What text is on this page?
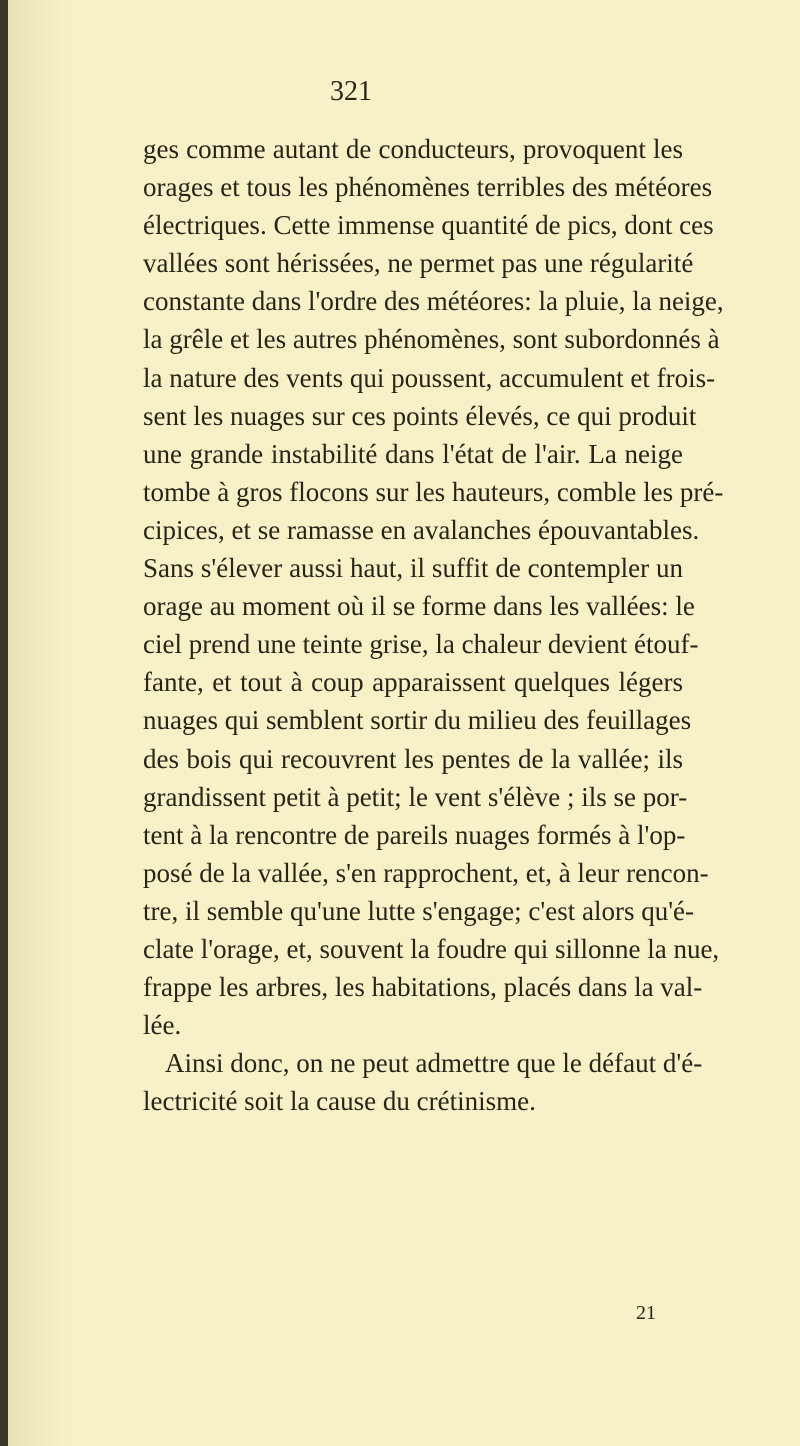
321
ges comme autant de conducteurs, provoquent les
orages et tous les phénomènes terribles des météores
électriques. Cette immense quantité de pics, dont ces
vallées sont hérissées, ne permet pas une régularité
constante dans l'ordre des météores: la pluie, la neige,
la grêle et les autres phénomènes, sont subordonnés à
la nature des vents qui poussent, accumulent et frois-
sent les nuages sur ces points élevés, ce qui produit
une grande instabilité dans l'état de l'air. La neige
tombe à gros flocons sur les hauteurs, comble les pré-
cipices, et se ramasse en avalanches épouvantables.
Sans s'élever aussi haut, il suffit de contempler un
orage au moment où il se forme dans les vallées: le
ciel prend une teinte grise, la chaleur devient étouf-
fante, et tout à coup apparaissent quelques légers
nuages qui semblent sortir du milieu des feuillages
des bois qui recouvrent les pentes de la vallée; ils
grandissent petit à petit; le vent s'élève ; ils se por-
tent à la rencontre de pareils nuages formés à l'op-
posé de la vallée, s'en rapprochent, et, à leur rencon-
tre, il semble qu'une lutte s'engage; c'est alors qu'é-
clate l'orage, et, souvent la foudre qui sillonne la nue,
frappe les arbres, les habitations, placés dans la val-
lée.
Ainsi donc, on ne peut admettre que le défaut d'é-
lectricité soit la cause du crétinisme.
21
